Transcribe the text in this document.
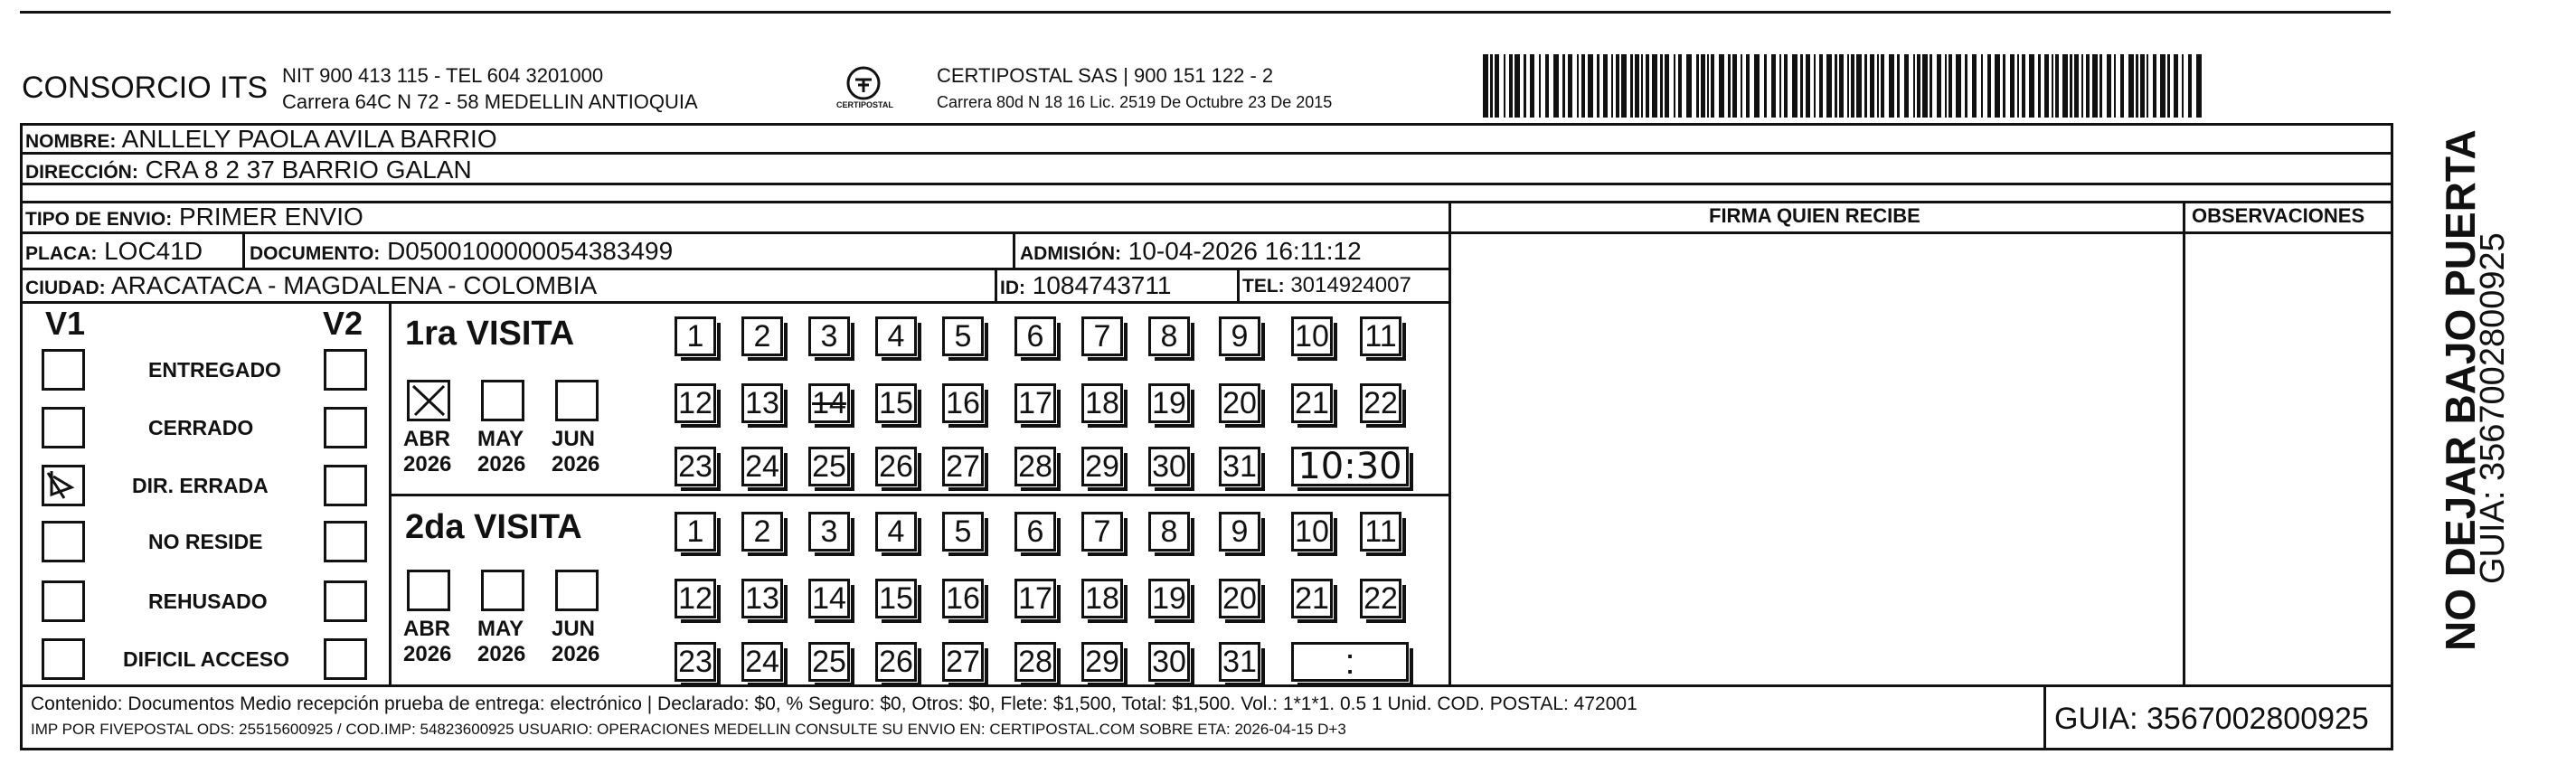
CONSORCIO ITS NIT 900 413 115 - TEL 604 3201000
Carrera 64C N 72 - 58 MEDELLIN ANTIOQUIA	CERTIPOSTAL
CERTIPOSTAL SAS | 900 151 122 - 2
Carrera 80d N 18 16 Lic. 2519 De Octubre 23 De 2015
NOMBRE: ANLLELY PAOLA AVILA BARRIO
DIRECCIÓN: CRA 8 2 37 BARRIO GALAN
TIPO DE ENVIO: PRIMER ENVIO
PLACA: LOC41D DOCUMENTO: D0500100000054383499	ADMISIÓN: 10-04-2026 16:11:12
CIUDAD: ARACATACA - MAGDALENA - COLOMBIA	ID: 1084743711	TEL: 3014924007
FIRMA QUIEN RECIBE	OBSERVACIONES
V1	V2
ENTREGADO
CERRADO
DIR. ERRADA
NO RESIDE
REHUSADO
DIFICIL ACCESO
1ra VISITA
ABR
2026
MAY
2026
JUN
2026
1 2 3 4 5 6 7 8 9 10 11
12 13 14 15 16 17 18 19 20 21 22
23 24 25 26 27 28 29 30 31 10:30
2da VISITA
ABR
2026
MAY
2026
JUN
2026
1 2 3 4 5 6 7 8 9 10 11
12 13 14 15 16 17 18 19 20 21 22
23 24 25 26 27 28 29 30 31 :
Contenido: Documentos Medio recepción prueba de entrega: electrónico | Declarado: $0, % Seguro: $0, Otros: $0, Flete: $1,500, Total: $1,500. Vol.: 1*1*1. 0.5 1 Unid. COD. POSTAL: 472001
IMP POR FIVEPOSTAL ODS: 25515600925 / COD.IMP: 54823600925 USUARIO: OPERACIONES MEDELLIN CONSULTE SU ENVIO EN: CERTIPOSTAL.COM SOBRE ETA: 2026-04-15 D+3	GUIA: 3567002800925
NO DEJAR BAJO PUERTA
GUIA: 3567002800925
